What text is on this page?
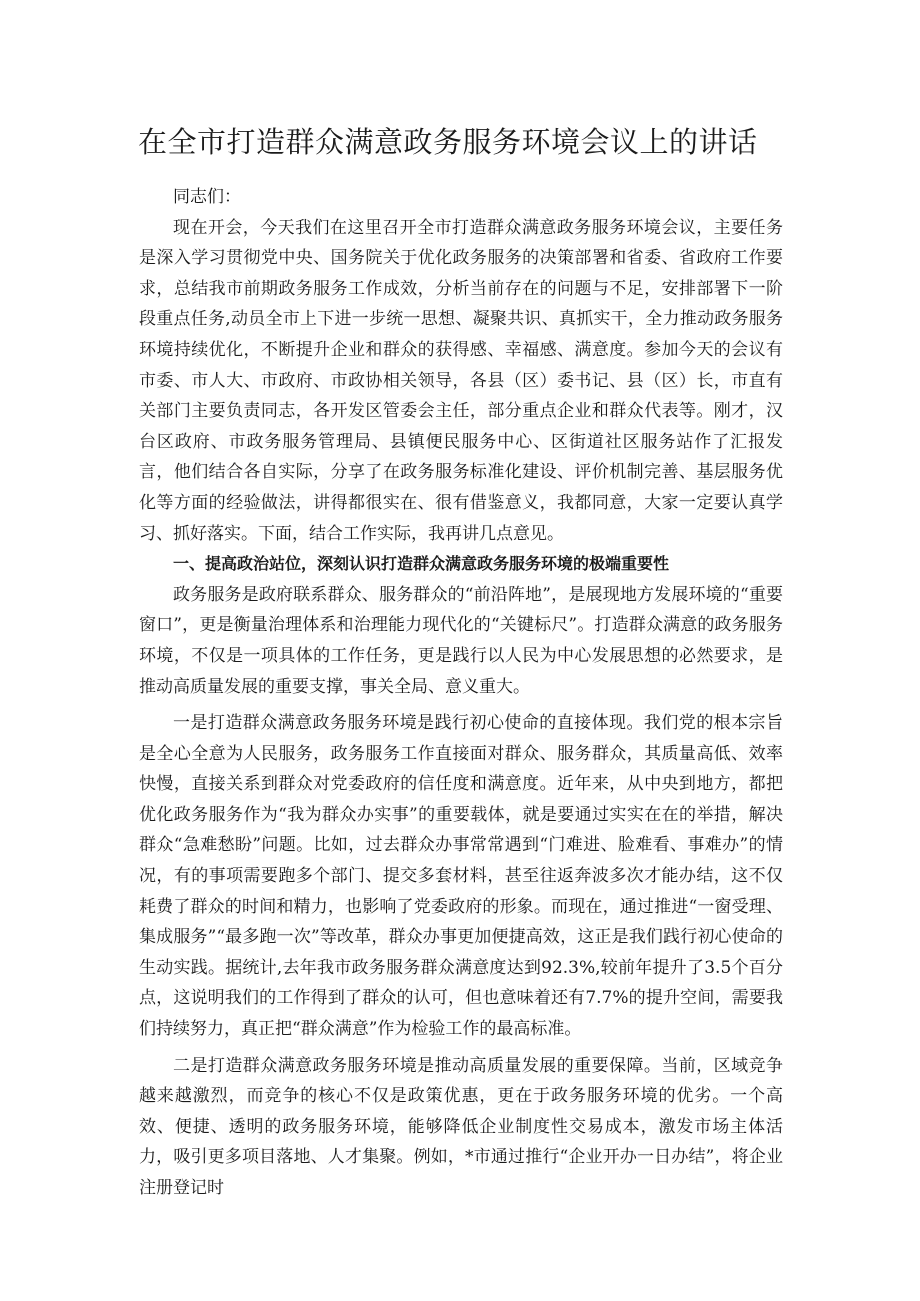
在全市打造群众满意政务服务环境会议上的讲话

同志们：

现在开会，今天我们在这里召开全市打造群众满意政务服务环境会议，主要任务是深入学习贯彻党中央、国务院关于优化政务服务的决策部署和省委、省政府工作要求，总结我市前期政务服务工作成效，分析当前存在的问题与不足，安排部署下一阶段重点任务,动员全市上下进一步统一思想、凝聚共识、真抓实干，全力推动政务服务环境持续优化，不断提升企业和群众的获得感、幸福感、满意度。参加今天的会议有市委、市人大、市政府、市政协相关领导，各县（区）委书记、县（区）长，市直有关部门主要负责同志，各开发区管委会主任，部分重点企业和群众代表等。刚才，汉台区政府、市政务服务管理局、县镇便民服务中心、区街道社区服务站作了汇报发言，他们结合各自实际，分享了在政务服务标准化建设、评价机制完善、基层服务优化等方面的经验做法，讲得都很实在、很有借鉴意义，我都同意，大家一定要认真学习、抓好落实。下面，结合工作实际，我再讲几点意见。

一、提高政治站位，深刻认识打造群众满意政务服务环境的极端重要性

政务服务是政府联系群众、服务群众的“前沿阵地”，是展现地方发展环境的“重要窗口”，更是衡量治理体系和治理能力现代化的“关键标尺”。打造群众满意的政务服务环境，不仅是一项具体的工作任务，更是践行以人民为中心发展思想的必然要求，是推动高质量发展的重要支撑，事关全局、意义重大。

一是打造群众满意政务服务环境是践行初心使命的直接体现。我们党的根本宗旨是全心全意为人民服务，政务服务工作直接面对群众、服务群众，其质量高低、效率快慢，直接关系到群众对党委政府的信任度和满意度。近年来，从中央到地方，都把优化政务服务作为“我为群众办实事”的重要载体，就是要通过实实在在的举措，解决群众“急难愁盼”问题。比如，过去群众办事常常遇到“门难进、脸难看、事难办”的情况，有的事项需要跑多个部门、提交多套材料，甚至往返奔波多次才能办结，这不仅耗费了群众的时间和精力，也影响了党委政府的形象。而现在，通过推进“一窗受理、集成服务”“最多跑一次”等改革，群众办事更加便捷高效，这正是我们践行初心使命的生动实践。据统计,去年我市政务服务群众满意度达到92.3%,较前年提升了3.5个百分点，这说明我们的工作得到了群众的认可，但也意味着还有7.7%的提升空间，需要我们持续努力，真正把“群众满意”作为检验工作的最高标准。

二是打造群众满意政务服务环境是推动高质量发展的重要保障。当前，区域竞争越来越激烈，而竞争的核心不仅是政策优惠，更在于政务服务环境的优劣。一个高效、便捷、透明的政务服务环境，能够降低企业制度性交易成本，激发市场主体活力，吸引更多项目落地、人才集聚。例如，*市通过推行“企业开办一日办结”，将企业注册登记时
